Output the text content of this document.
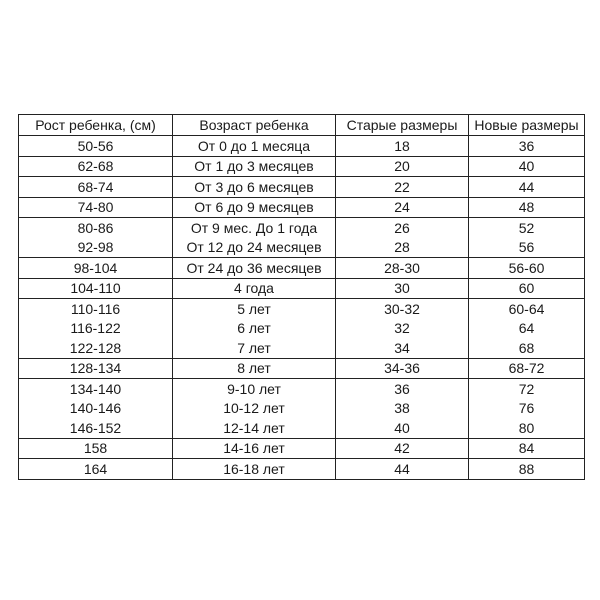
Рост ребенка, (см)	Возраст ребенка	Старые размеры	Новые размеры
50-56	От 0 до 1 месяца	18	36
62-68	От 1 до 3 месяцев	20	40
68-74	От 3 до 6 месяцев	22	44
74-80	От 6 до 9 месяцев	24	48
80-86	От 9 мес. До 1 года	26	52
92-98	От 12 до 24 месяцев	28	56
98-104	От 24 до 36 месяцев	28-30	56-60
104-110	4 года	30	60
110-116	5 лет	30-32	60-64
116-122	6 лет	32	64
122-128	7 лет	34	68
128-134	8 лет	34-36	68-72
134-140	9-10 лет	36	72
140-146	10-12 лет	38	76
146-152	12-14 лет	40	80
158	14-16 лет	42	84
164	16-18 лет	44	88
